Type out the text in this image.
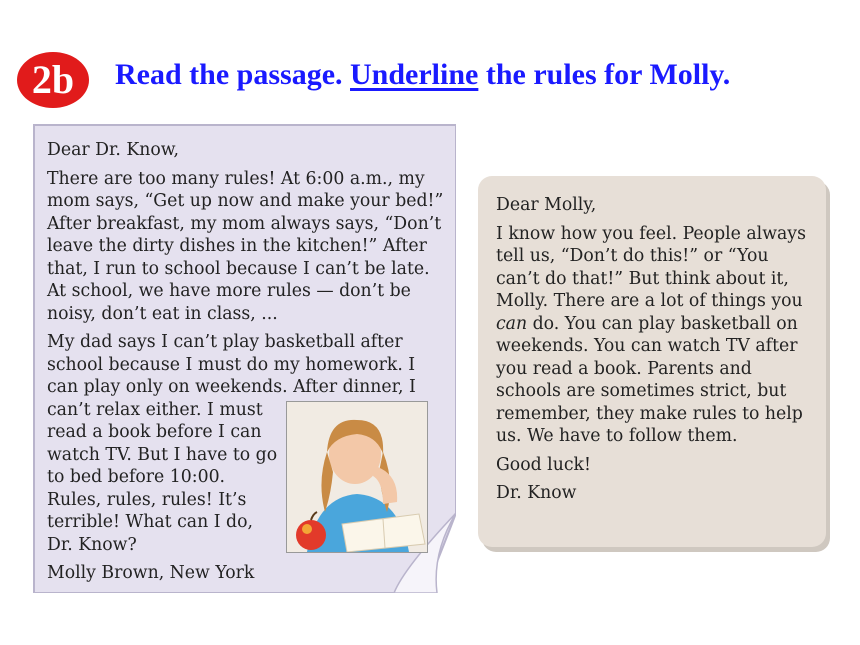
2b	Read the passage. Underline the rules for Molly.

Dear Dr. Know,

There are too many rules! At 6:00 a.m., my mom says, “Get up now and make your bed!” After breakfast, my mom always says, “Don’t leave the dirty dishes in the kitchen!” After that, I run to school because I can’t be late. At school, we have more rules — don’t be noisy, don’t eat in class, ...

My dad says I can’t play basketball after school because I must do my homework. I can play only on weekends. After dinner, I

can’t relax either. I must read a book before I can watch TV. But I have to go to bed before 10:00. Rules, rules, rules! It’s terrible! What can I do, Dr. Know?

Molly Brown, New York

Dear Molly,

I know how you feel. People always tell us, “Don’t do this!” or “You can’t do that!” But think about it, Molly. There are a lot of things you can do. You can play basketball on weekends. You can watch TV after you read a book. Parents and schools are sometimes strict, but remember, they make rules to help us. We have to follow them.

Good luck!

Dr. Know
